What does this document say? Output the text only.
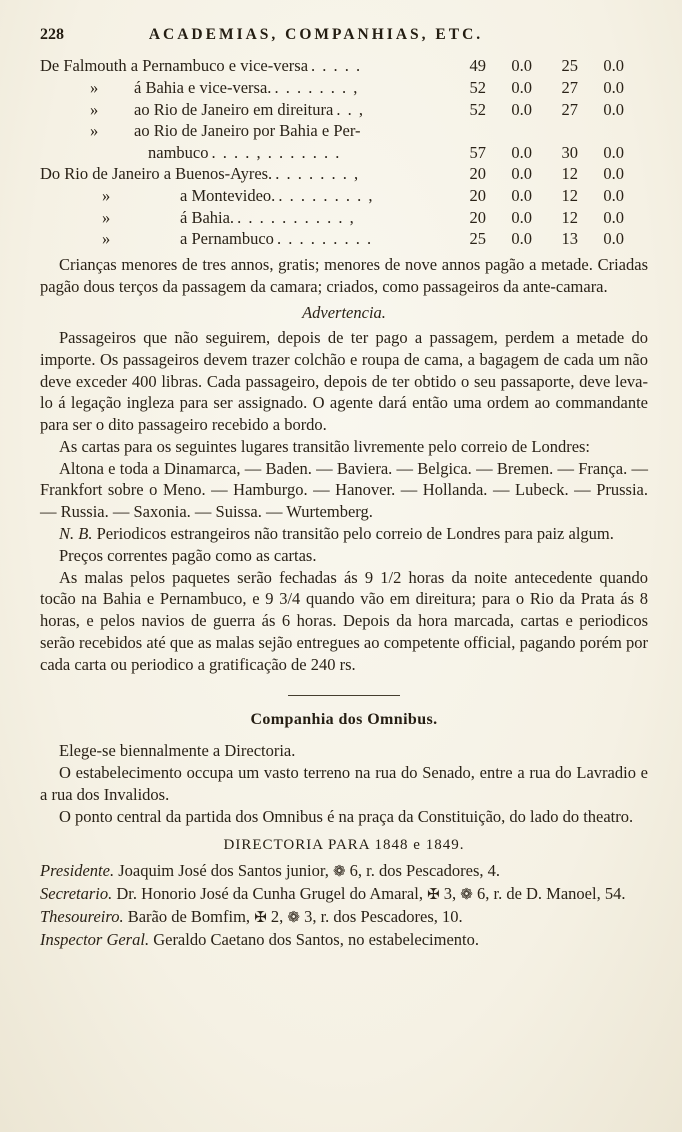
228	ACADEMIAS, COMPANHIAS, ETC.
De Falmouth a Pernambuco e vice-versa . . . . .	49	0.0	25	0.0
» á Bahia e vice-versa. . . . . . . . ,	52	0.0	27	0.0
» ao Rio de Janeiro em direitura . . ,	52	0.0	27	0.0
» ao Rio de Janeiro por Bahia e Per-
nambuco . . . . , . . . . . . .	57	0.0	30	0.0
Do Rio de Janeiro a Buenos-Ayres. . . . . . . . ,	20	0.0	12	0.0
»	a Montevideo. . . . . . . . . ,	20	0.0	12	0.0
»	á Bahia. . . . . . . . . . . ,	20	0.0	12	0.0
»	a Pernambuco . . . . . . . . .	25	0.0	13	0.0

Crianças menores de tres annos, gratis; menores de nove annos pagão a metade. Criadas pagão dous terços da passagem da camara; criados, como passageiros da ante-camara.

Advertencia.

Passageiros que não seguirem, depois de ter pago a passagem, perdem a metade do importe. Os passageiros devem trazer colchão e roupa de cama, a bagagem de cada um não deve exceder 400 libras. Cada passageiro, depois de ter obtido o seu passaporte, deve leva-lo á legação ingleza para ser assignado. O agente dará então uma ordem ao commandante para ser o dito passageiro recebido a bordo.

As cartas para os seguintes lugares transitão livremente pelo correio de Londres:

Altona e toda a Dinamarca, — Baden. — Baviera. — Belgica. — Bremen. — França. — Frankfort sobre o Meno. — Hamburgo. — Hanover. — Hollanda. — Lubeck. — Prussia. — Russia. — Saxonia. — Suissa. — Wurtemberg.

N. B. Periodicos estrangeiros não transitão pelo correio de Londres para paiz algum.

Preços correntes pagão como as cartas.

As malas pelos paquetes serão fechadas ás 9 1/2 horas da noite antecedente quando tocão na Bahia e Pernambuco, e 9 3/4 quando vão em direitura; para o Rio da Prata ás 8 horas, e pelos navios de guerra ás 6 horas. Depois da hora marcada, cartas e periodicos serão recebidos até que as malas sejão entregues ao competente official, pagando porém por cada carta ou periodico a gratificação de 240 rs.

Companhia dos Omnibus.

Elege-se biennalmente a Directoria.

O estabelecimento occupa um vasto terreno na rua do Senado, entre a rua do Lavradio e a rua dos Invalidos.

O ponto central da partida dos Omnibus é na praça da Constituição, do lado do theatro.

DIRECTORIA PARA 1848 e 1849.

Presidente. Joaquim José dos Santos junior, ❁ 6, r. dos Pescadores, 4.

Secretario. Dr. Honorio José da Cunha Grugel do Amaral, ✠ 3, ❁ 6, r. de D. Manoel, 54.

Thesoureiro. Barão de Bomfim, ✠ 2, ❁ 3, r. dos Pescadores, 10.

Inspector Geral. Geraldo Caetano dos Santos, no estabelecimento.
